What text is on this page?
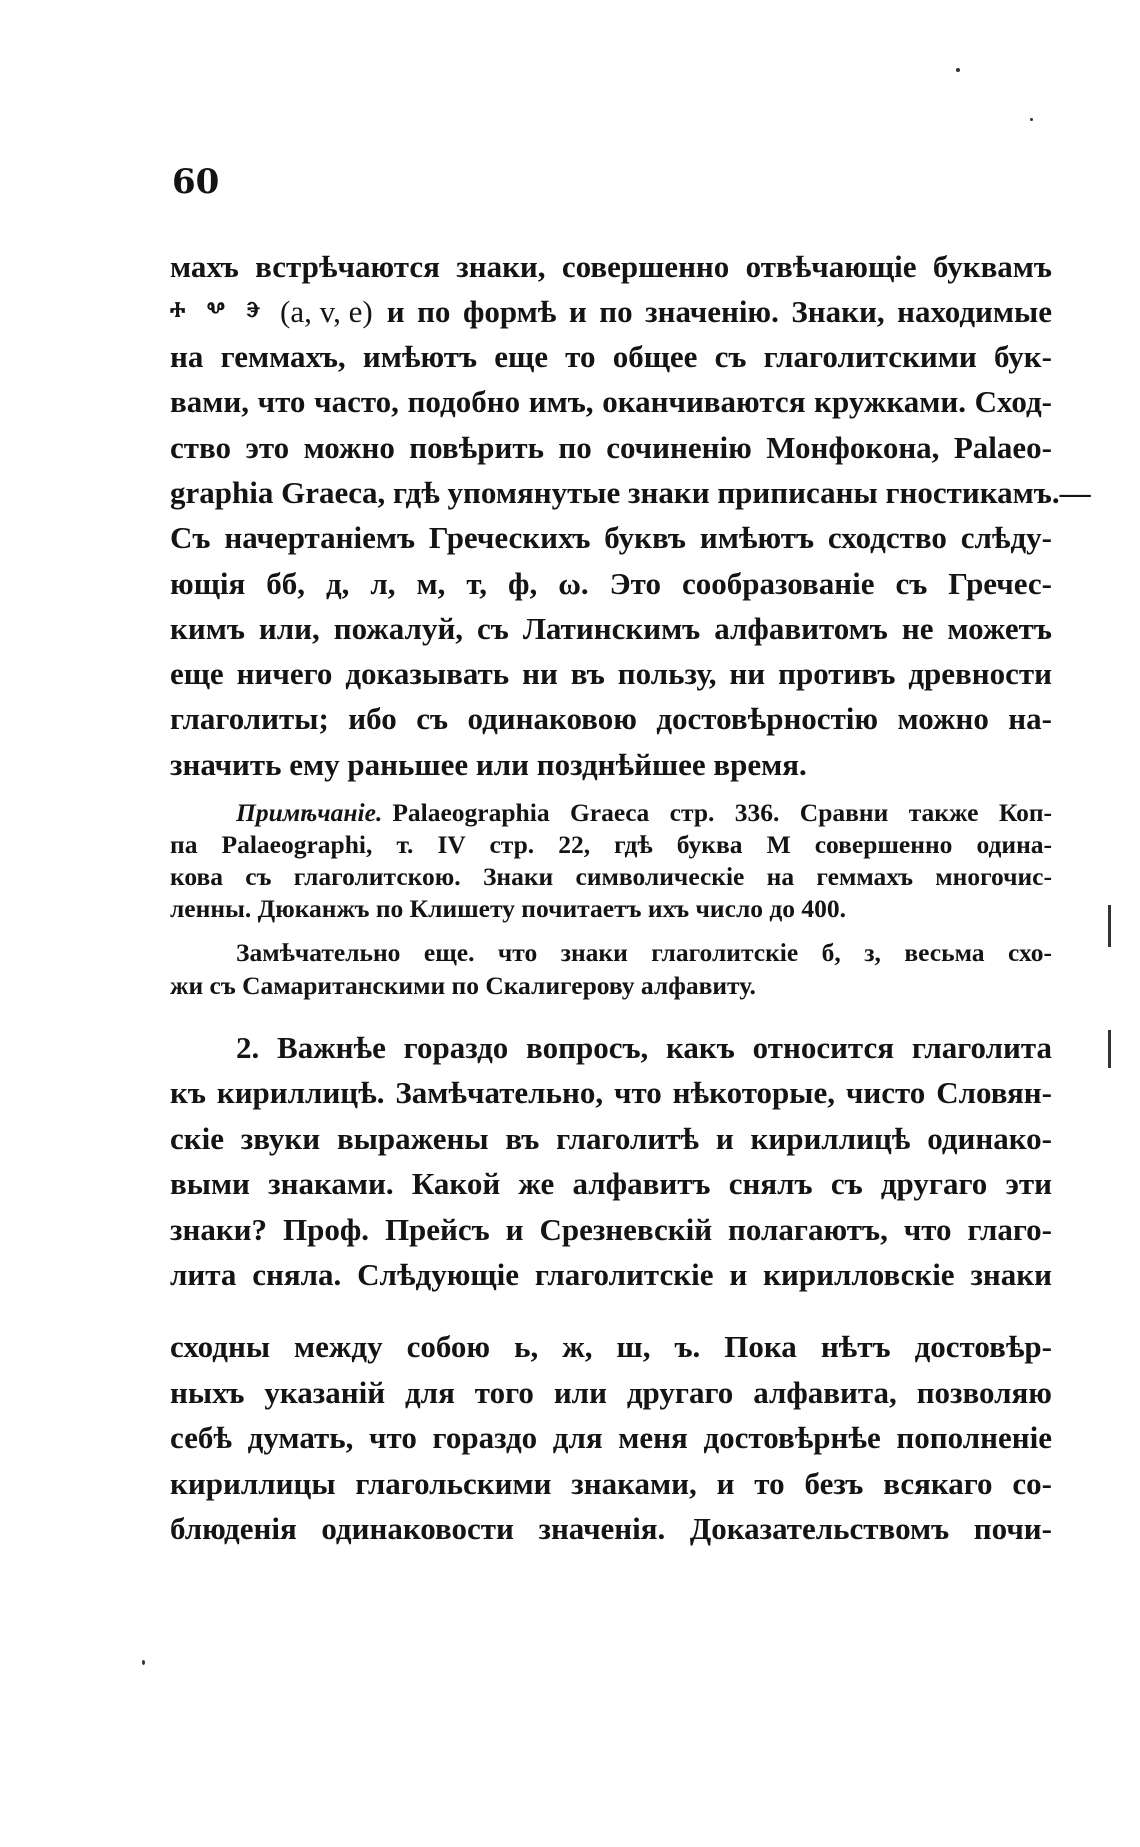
60
махъ встрѣчаются знаки, совершенно отвѣчающіе буквамъ
ⰰ ⰲ ⰵ (а, v, е) и по формѣ и по значенію. Знаки, находимые
на геммахъ, имѣютъ еще то общее съ глаголитскими бук-
вами, что часто, подобно имъ, оканчиваются кружками. Сход-
ство это можно повѣрить по сочиненію Монфокона, Palaeo-
graphia Graeca, гдѣ упомянутые знаки приписаны гностикамъ.—
Съ начертаніемъ Греческихъ буквъ имѣютъ сходство слѣду-
ющія бб, д, л, м, т, ф, ω. Это сообразованіе съ Гречес-
кимъ или, пожалуй, съ Латинскимъ алфавитомъ не можетъ
еще ничего доказывать ни въ пользу, ни противъ древности
глаголиты; ибо съ одинаковою достовѣрностію можно на-
значить ему раньшее или позднѣйшее время.
Примѣчаніе. Palaeographia Graeca стр. 336. Сравни также Коп-
па Palaeographi, т. IV стр. 22, гдѣ буква М совершенно одина-
кова съ глаголитскою. Знаки символическіе на геммахъ многочис-
ленны. Дюканжъ по Клишету почитаетъ ихъ число до 400.
Замѣчательно еще. что знаки глаголитскіе б, з, весьма схо-
жи съ Самаританскими по Скалигерову алфавиту.
2. Важнѣе гораздо вопросъ, какъ относится глаголита
къ кириллицѣ. Замѣчательно, что нѣкоторые, чисто Словян-
скіе звуки выражены въ глаголитѣ и кириллицѣ одинако-
выми знаками. Какой же алфавитъ снялъ съ другаго эти
знаки? Проф. Прейсъ и Срезневскій полагаютъ, что глаго-
лита сняла. Слѣдующіе глаголитскіе и кирилловскіе знаки
сходны между собою ь, ж, ш, ъ. Пока нѣтъ достовѣр-
ныхъ указаній для того или другаго алфавита, позволяю
себѣ думать, что гораздо для меня достовѣрнѣе пополненіе
кириллицы глагольскими знаками, и то безъ всякаго со-
блюденія одинаковости значенія. Доказательствомъ почи-
